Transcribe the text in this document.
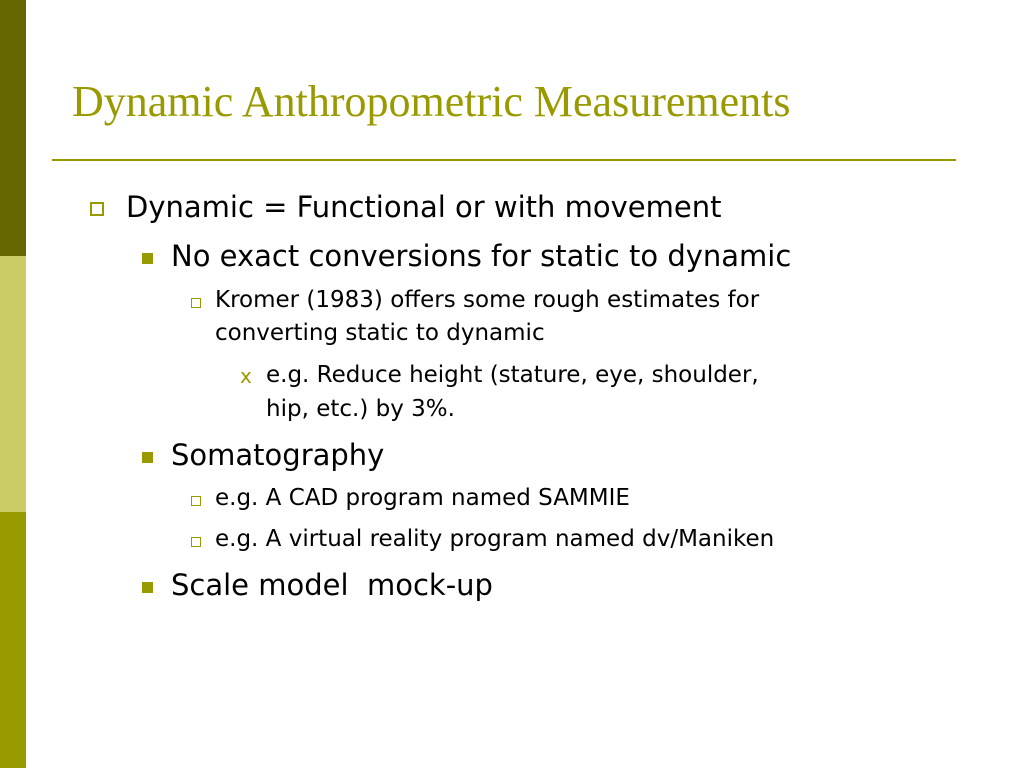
Dynamic Anthropometric Measurements
Dynamic = Functional or with movement
No exact conversions for static to dynamic
Kromer (1983) offers some rough estimates for
converting static to dynamic
x e.g. Reduce height (stature, eye, shoulder,
hip, etc.) by 3%.
Somatography
e.g. A CAD program named SAMMIE
e.g. A virtual reality program named dv/Maniken
Scale model  mock-up
